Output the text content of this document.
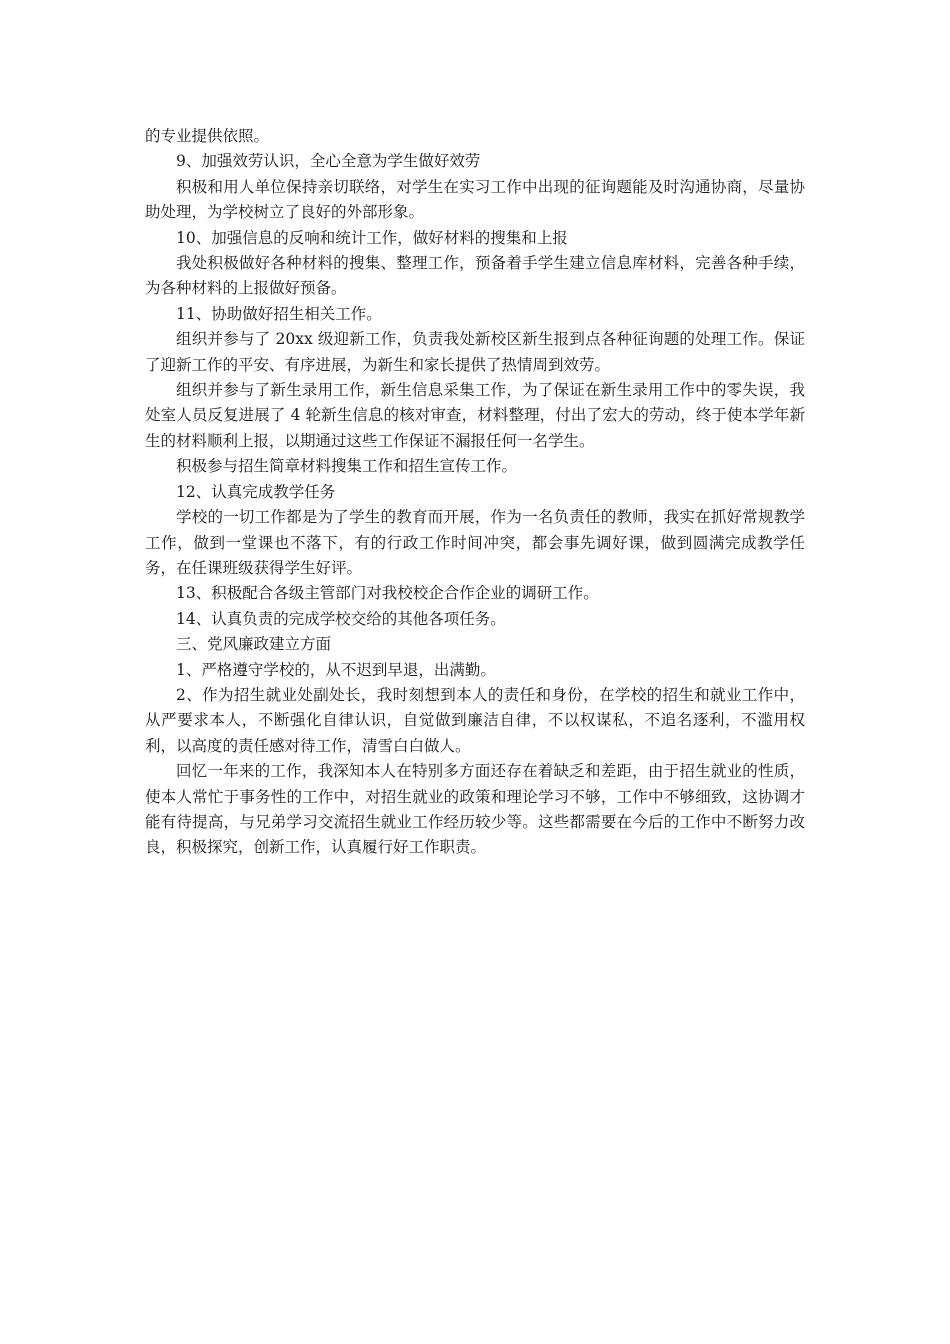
的专业提供依照。

9、加强效劳认识，全心全意为学生做好效劳

积极和用人单位保持亲切联络，对学生在实习工作中出现的征询题能及时沟通协商，尽量协助处理，为学校树立了良好的外部形象。

10、加强信息的反响和统计工作，做好材料的搜集和上报

我处积极做好各种材料的搜集、整理工作，预备着手学生建立信息库材料，完善各种手续，为各种材料的上报做好预备。

11、协助做好招生相关工作。

组织并参与了 20xx 级迎新工作，负责我处新校区新生报到点各种征询题的处理工作。保证了迎新工作的平安、有序进展，为新生和家长提供了热情周到效劳。

组织并参与了新生录用工作，新生信息采集工作，为了保证在新生录用工作中的零失误，我处室人员反复进展了 4 轮新生信息的核对审查，材料整理，付出了宏大的劳动，终于使本学年新生的材料顺利上报，以期通过这些工作保证不漏报任何一名学生。

积极参与招生简章材料搜集工作和招生宣传工作。

12、认真完成教学任务

学校的一切工作都是为了学生的教育而开展，作为一名负责任的教师，我实在抓好常规教学工作，做到一堂课也不落下，有的行政工作时间冲突，都会事先调好课，做到圆满完成教学任务，在任课班级获得学生好评。

13、积极配合各级主管部门对我校校企合作企业的调研工作。

14、认真负责的完成学校交给的其他各项任务。

三、党风廉政建立方面

1、严格遵守学校的，从不迟到早退，出满勤。

2、作为招生就业处副处长，我时刻想到本人的责任和身份，在学校的招生和就业工作中，从严要求本人，不断强化自律认识，自觉做到廉洁自律，不以权谋私，不追名逐利，不滥用权利，以高度的责任感对待工作，清雪白白做人。

回忆一年来的工作，我深知本人在特别多方面还存在着缺乏和差距，由于招生就业的性质，使本人常忙于事务性的工作中，对招生就业的政策和理论学习不够，工作中不够细致，这协调才能有待提高，与兄弟学习交流招生就业工作经历较少等。这些都需要在今后的工作中不断努力改良，积极探究，创新工作，认真履行好工作职责。
